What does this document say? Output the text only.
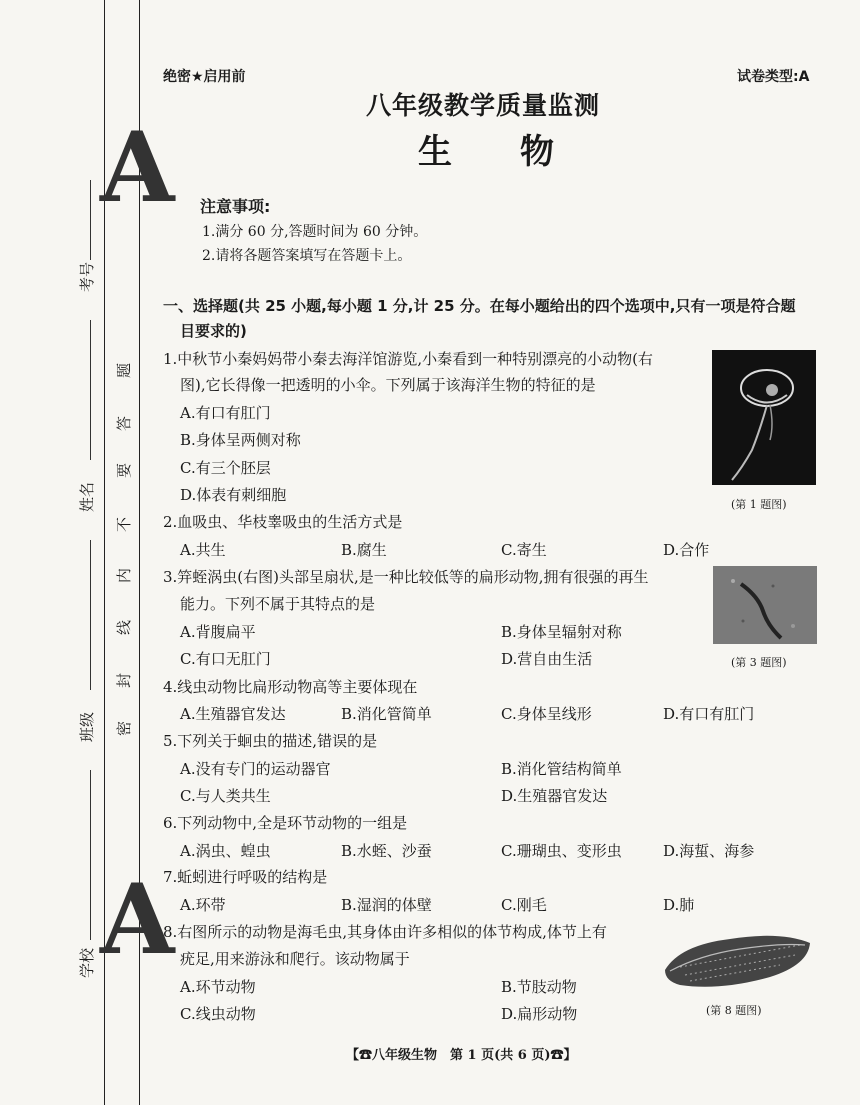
A
A
考号
姓名
班级
学校
题
答
要
不
内
线
封
密
绝密★启用前	试卷类型:A
八年级教学质量监测
生　　物
注意事项:
1.满分 60 分,答题时间为 60 分钟。
2.请将各题答案填写在答题卡上。
一、选择题(共 25 小题,每小题 1 分,计 25 分。在每小题给出的四个选项中,只有一项是符合题
目要求的)
1.中秋节小秦妈妈带小秦去海洋馆游览,小秦看到一种特别漂亮的小动物(右
图),它长得像一把透明的小伞。下列属于该海洋生物的特征的是
A.有口有肛门
B.身体呈两侧对称
C.有三个胚层
D.体表有刺细胞
(第 1 题图)
2.血吸虫、华枝睾吸虫的生活方式是
A.共生	B.腐生	C.寄生	D.合作
3.笄蛭涡虫(右图)头部呈扇状,是一种比较低等的扁形动物,拥有很强的再生
能力。下列不属于其特点的是
A.背腹扁平	B.身体呈辐射对称
C.有口无肛门	D.营自由生活	(第 3 题图)
4.线虫动物比扁形动物高等主要体现在
A.生殖器官发达	B.消化管简单	C.身体呈线形	D.有口有肛门
5.下列关于蛔虫的描述,错误的是
A.没有专门的运动器官	B.消化管结构简单
C.与人类共生	D.生殖器官发达
6.下列动物中,全是环节动物的一组是
A.涡虫、蝗虫	B.水蛭、沙蚕	C.珊瑚虫、变形虫	D.海蜇、海参
7.蚯蚓进行呼吸的结构是
A.环带	B.湿润的体壁	C.刚毛	D.肺
8.右图所示的动物是海毛虫,其身体由许多相似的体节构成,体节上有
疣足,用来游泳和爬行。该动物属于
A.环节动物	B.节肢动物
C.线虫动物	D.扁形动物	(第 8 题图)
【☎八年级生物　第 1 页(共 6 页)☎】
